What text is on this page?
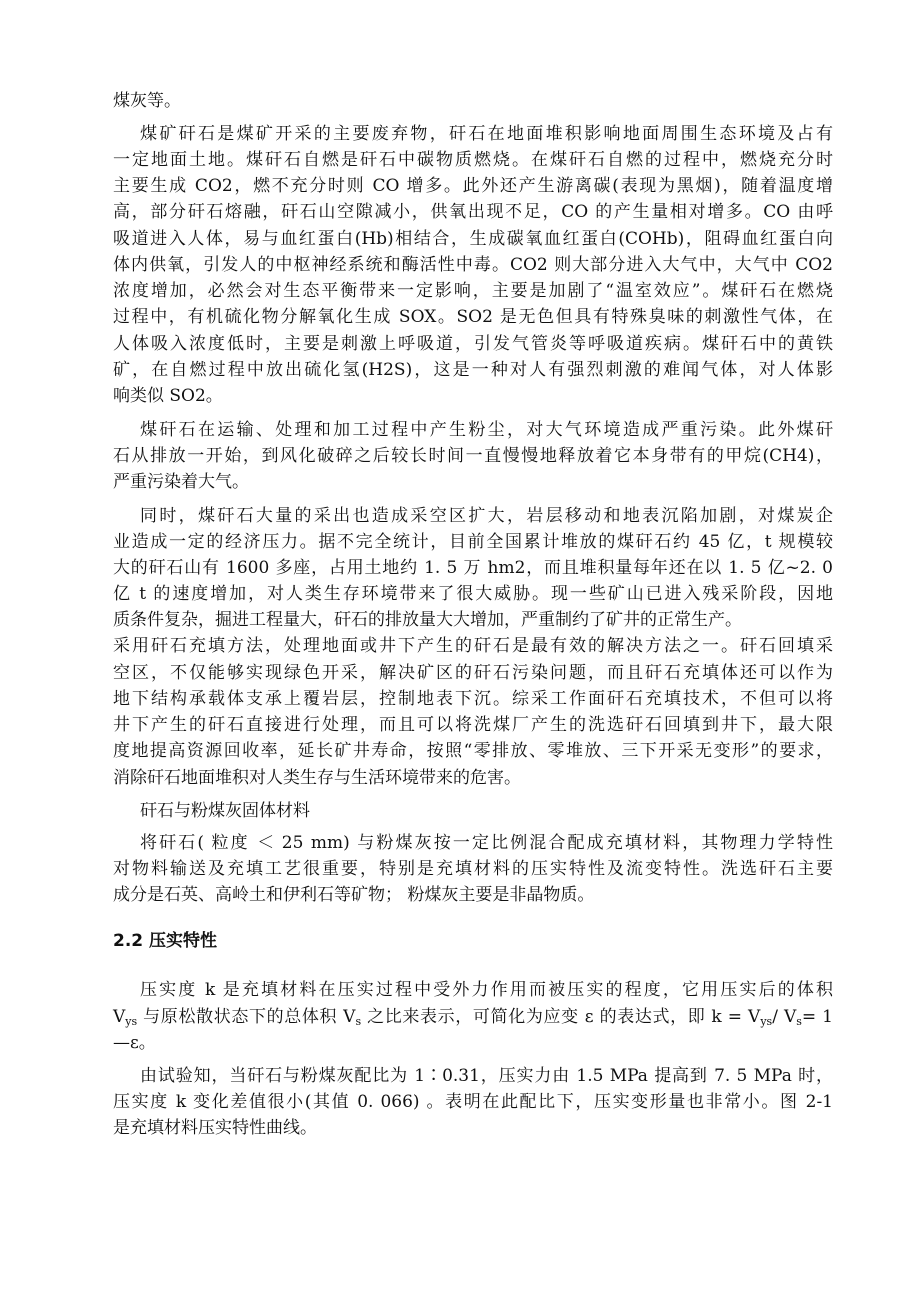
煤灰等。
煤矿矸石是煤矿开采的主要废弃物，矸石在地面堆积影响地面周围生态环境及占有
一定地面土地。煤矸石自燃是矸石中碳物质燃烧。在煤矸石自燃的过程中，燃烧充分时
主要生成 CO2，燃不充分时则 CO 增多。此外还产生游离碳(表现为黑烟)，随着温度增
高，部分矸石熔融，矸石山空隙减小，供氧出现不足，CO 的产生量相对增多。CO 由呼
吸道进入人体，易与血红蛋白(Hb)相结合，生成碳氧血红蛋白(COHb)，阻碍血红蛋白向
体内供氧，引发人的中枢神经系统和酶活性中毒。CO2 则大部分进入大气中，大气中 CO2
浓度增加，必然会对生态平衡带来一定影响，主要是加剧了“温室效应”。煤矸石在燃烧
过程中，有机硫化物分解氧化生成 SOX。SO2 是无色但具有特殊臭味的刺激性气体，在
人体吸入浓度低时，主要是刺激上呼吸道，引发气管炎等呼吸道疾病。煤矸石中的黄铁
矿，在自燃过程中放出硫化氢(H2S)，这是一种对人有强烈刺激的难闻气体，对人体影
响类似 SO2。
煤矸石在运输、处理和加工过程中产生粉尘，对大气环境造成严重污染。此外煤矸
石从排放一开始，到风化破碎之后较长时间一直慢慢地释放着它本身带有的甲烷(CH4)，
严重污染着大气。
同时，煤矸石大量的采出也造成采空区扩大，岩层移动和地表沉陷加剧，对煤炭企
业造成一定的经济压力。据不完全统计，目前全国累计堆放的煤矸石约 45 亿，t 规模较
大的矸石山有 1600 多座，占用土地约 1. 5 万 hm2，而且堆积量每年还在以 1. 5 亿~2. 0
亿 t 的速度增加，对人类生存环境带来了很大威胁。现一些矿山已进入残采阶段，因地
质条件复杂，掘进工程量大，矸石的排放量大大增加，严重制约了矿井的正常生产。
采用矸石充填方法，处理地面或井下产生的矸石是最有效的解决方法之一。矸石回填采
空区，不仅能够实现绿色开采，解决矿区的矸石污染问题，而且矸石充填体还可以作为
地下结构承载体支承上覆岩层，控制地表下沉。综采工作面矸石充填技术，不但可以将
井下产生的矸石直接进行处理，而且可以将洗煤厂产生的洗选矸石回填到井下，最大限
度地提高资源回收率，延长矿井寿命，按照“零排放、零堆放、三下开采无变形”的要求，
消除矸石地面堆积对人类生存与生活环境带来的危害。
矸石与粉煤灰固体材料
将矸石( 粒度 ＜ 25 mm) 与粉煤灰按一定比例混合配成充填材料，其物理力学特性
对物料输送及充填工艺很重要，特别是充填材料的压实特性及流变特性。洗选矸石主要
成分是石英、高岭土和伊利石等矿物； 粉煤灰主要是非晶物质。
2.2 压实特性
压实度 k 是充填材料在压实过程中受外力作用而被压实的程度，它用压实后的体积
$V_{ys}$ 与原松散状态下的总体积 $V_s$ 之比来表示，可简化为应变 ε 的表达式，即 $k = V_{ys}/$ $V_s= 1$
—ε。
由试验知，当矸石与粉煤灰配比为 1∶0.31，压实力由 1.5 MPa 提高到 7. 5 MPa 时，
压实度 k 变化差值很小(其值 0. 066) 。表明在此配比下，压实变形量也非常小。图 2-1
是充填材料压实特性曲线。
